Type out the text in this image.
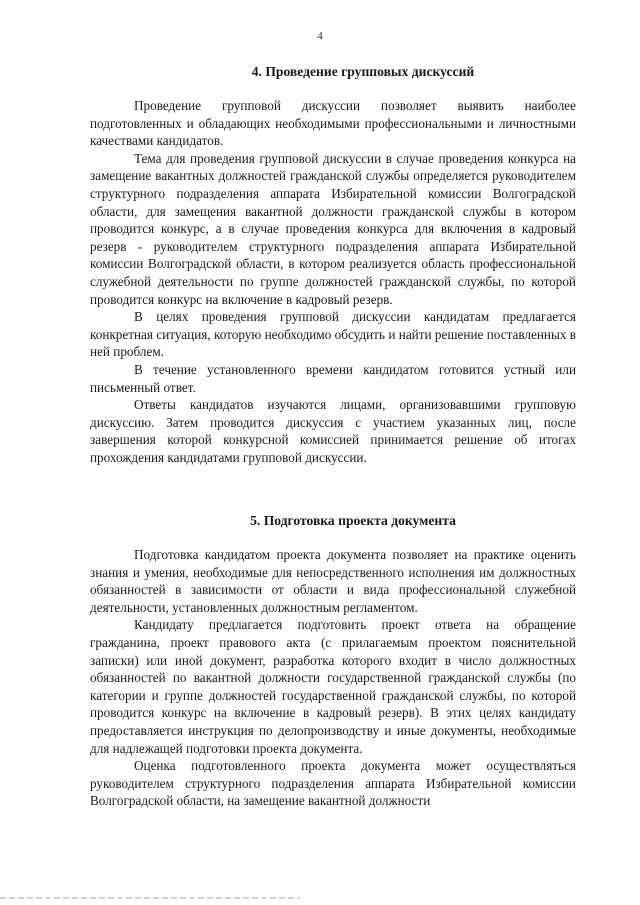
4
4. Проведение групповых дискуссий

Проведение групповой дискуссии позволяет выявить наиболее подготовленных и обладающих необходимыми профессиональными и личностными качествами кандидатов.

Тема для проведения групповой дискуссии в случае проведения конкурса на замещение вакантных должностей гражданской службы определяется руководителем структурного подразделения аппарата Избирательной комиссии Волгоградской области, для замещения вакантной должности гражданской службы в котором проводится конкурс, а в случае проведения конкурса для включения в кадровый резерв - руководителем структурного подразделения аппарата Избирательной комиссии Волгоградской области, в котором реализуется область профессиональной служебной деятельности по группе должностей гражданской службы, по которой проводится конкурс на включение в кадровый резерв.

В целях проведения групповой дискуссии кандидатам предлагается конкретная ситуация, которую необходимо обсудить и найти решение поставленных в ней проблем.

В течение установленного времени кандидатом готовится устный или письменный ответ.

Ответы кандидатов изучаются лицами, организовавшими групповую дискуссию. Затем проводится дискуссия с участием указанных лиц, после завершения которой конкурсной комиссией принимается решение об итогах прохождения кандидатами групповой дискуссии.

5. Подготовка проекта документа

Подготовка кандидатом проекта документа позволяет на практике оценить знания и умения, необходимые для непосредственного исполнения им должностных обязанностей в зависимости от области и вида профессиональной служебной деятельности, установленных должностным регламентом.

Кандидату предлагается подготовить проект ответа на обращение гражданина, проект правового акта (с прилагаемым проектом пояснительной записки) или иной документ, разработка которого входит в число должностных обязанностей по вакантной должности государственной гражданской службы (по категории и группе должностей государственной гражданской службы, по которой проводится конкурс на включение в кадровый резерв). В этих целях кандидату предоставляется инструкция по делопроизводству и иные документы, необходимые для надлежащей подготовки проекта документа.

Оценка подготовленного проекта документа может осуществляться руководителем структурного подразделения аппарата Избирательной комиссии Волгоградской области, на замещение вакантной должности
